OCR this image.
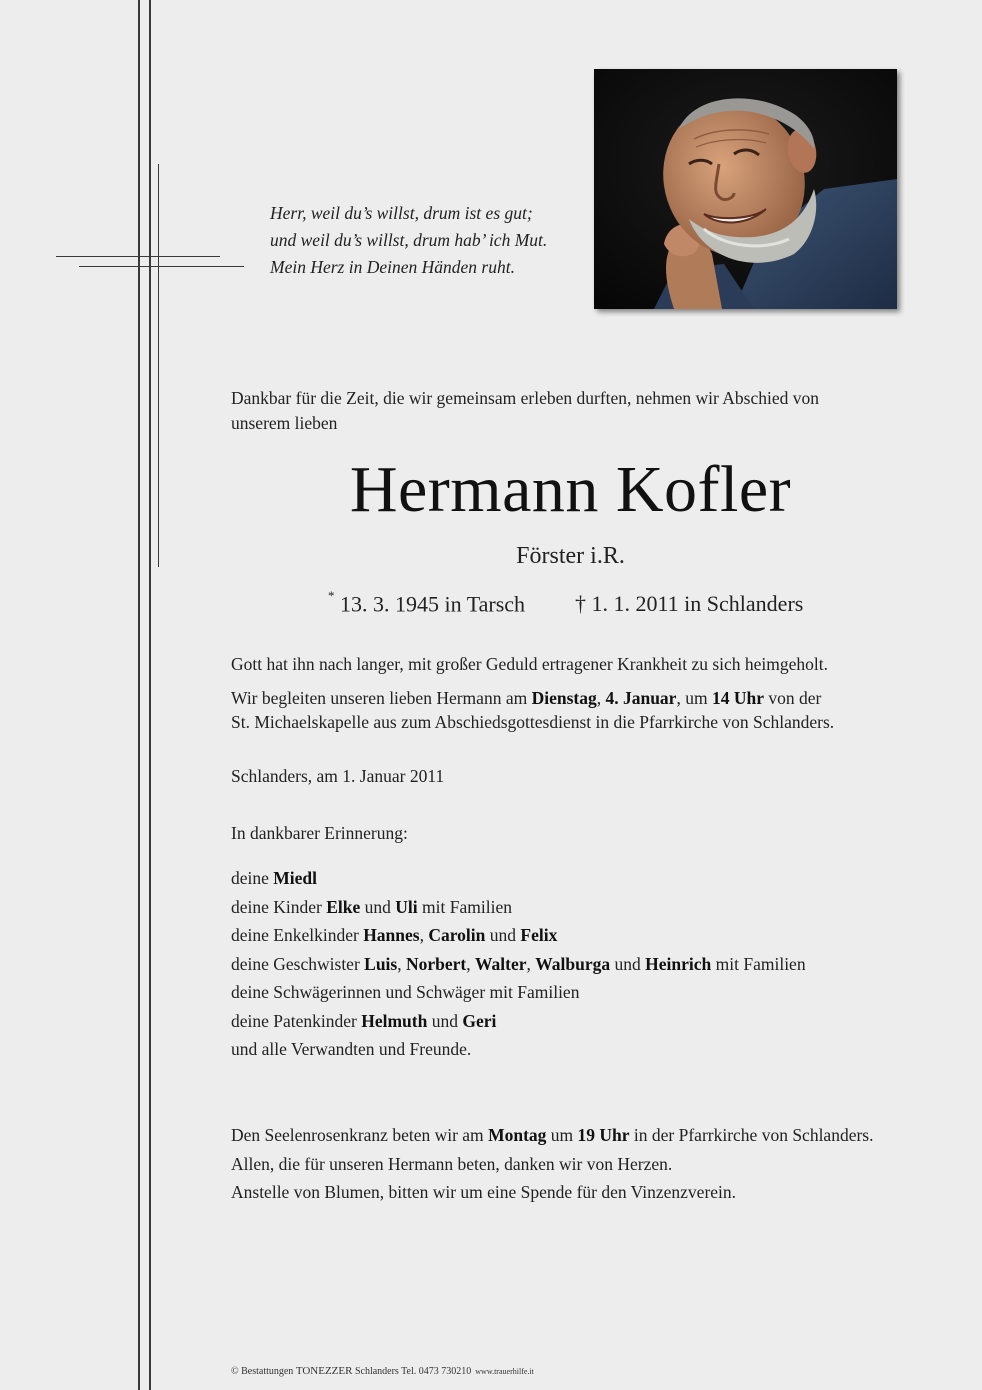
Herr, weil du’s willst, drum ist es gut;
und weil du’s willst, drum hab’ ich Mut.
Mein Herz in Deinen Händen ruht.
Dankbar für die Zeit, die wir gemeinsam erleben durften, nehmen wir Abschied von
unserem lieben
Hermann Kofler
Förster i.R.
* 13. 3. 1945 in Tarsch † 1. 1. 2011 in Schlanders
Gott hat ihn nach langer, mit großer Geduld ertragener Krankheit zu sich heimgeholt.
Wir begleiten unseren lieben Hermann am Dienstag, 4. Januar, um 14 Uhr von der
St. Michaelskapelle aus zum Abschiedsgottesdienst in die Pfarrkirche von Schlanders.
Schlanders, am 1. Januar 2011
In dankbarer Erinnerung:
deine Miedl
deine Kinder Elke und Uli mit Familien
deine Enkelkinder Hannes, Carolin und Felix
deine Geschwister Luis, Norbert, Walter, Walburga und Heinrich mit Familien
deine Schwägerinnen und Schwäger mit Familien
deine Patenkinder Helmuth und Geri
und alle Verwandten und Freunde.
Den Seelenrosenkranz beten wir am Montag um 19 Uhr in der Pfarrkirche von Schlanders.
Allen, die für unseren Hermann beten, danken wir von Herzen.
Anstelle von Blumen, bitten wir um eine Spende für den Vinzenzverein.
© Bestattungen TONEZZER Schlanders Tel. 0473 730210 www.trauerhilfe.it
